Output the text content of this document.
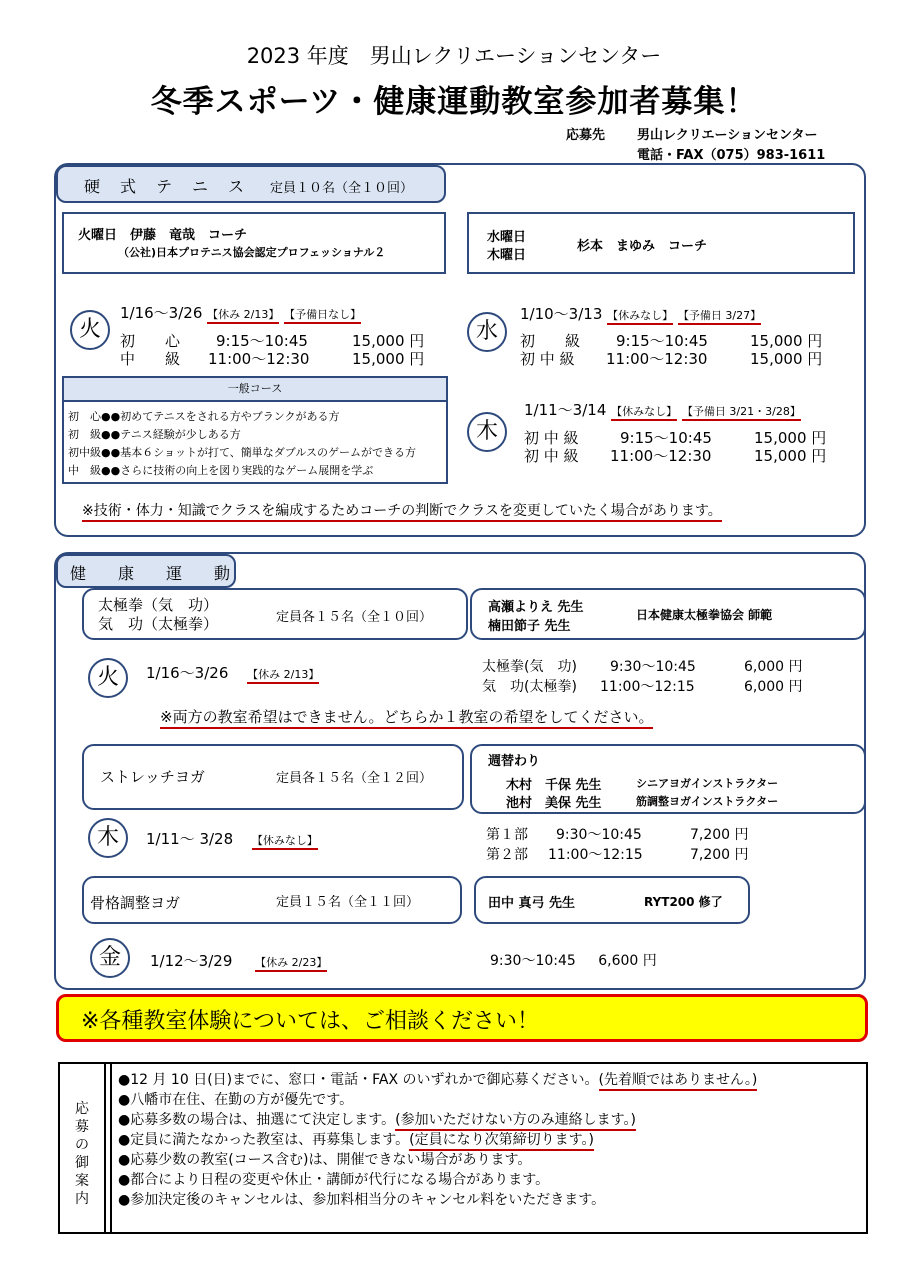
2023 年度　男山レクリエーションセンター
冬季スポーツ・健康運動教室参加者募集！
応募先 男山レクリエーションセンター
電話・FAX（075）983-1611
硬　式　テ　ニ　ス 定員１０名（全１０回）
火曜日　伊藤　竜哉　コーチ
（公社)日本プロテニス協会認定プロフェッショナル２
水曜日
木曜日
杉本　まゆみ　コーチ
火
1/16～3/26 【休み 2/13】 【予備日なし】
初　　心 9:15～10:45	15,000 円
中　　級 11:00～12:30	15,000 円
一般コース
初　心●●初めてテニスをされる方やブランクがある方
初　級●●テニス経験が少しある方
初中級●●基本６ショットが打て、簡単なダブルスのゲームができる方
中　級●●さらに技術の向上を図り実践的なゲーム展開を学ぶ
水
1/10～3/13 【休みなし】 【予備日 3/27】
初　　級 9:15～10:45	15,000 円
初 中 級 11:00～12:30	15,000 円
木
1/11～3/14 【休みなし】 【予備日 3/21・3/28】
初 中 級	9:15～10:45	15,000 円
初 中 級 11:00～12:30	15,000 円
※技術・体力・知識でクラスを編成するためコーチの判断でクラスを変更していたく場合があります。
健　　康　　運　　動
太極拳（気　功）
気　功（太極拳）	定員各１５名（全１０回）
高瀬よりえ 先生
楠田節子 先生
日本健康太極拳協会 師範
火	1/16～3/26 【休み 2/13】	太極拳(気　功) 9:30～10:45	6,000 円
気　功(太極拳) 11:00～12:15	6,000 円
※両方の教室希望はできません。どちらか１教室の希望をしてください。
ストレッチヨガ	定員各１５名（全１２回）
週替わり
木村　千保 先生	シニアヨガインストラクター
池村　美保 先生	筋調整ヨガインストラクター
木	1/11～ 3/28 【休みなし】	第１部 9:30～10:45	7,200 円
第２部 11:00～12:15	7,200 円
骨格調整ヨガ	定員１５名（全１１回）	田中 真弓 先生	RYT200 修了
金	1/12～3/29 【休み 2/23】	9:30～10:45 6,600 円
※各種教室体験については、ご相談ください！
応
募
の
御
案
内
●12 月 10 日(日)までに、窓口・電話・FAX のいずれかで御応募ください。(先着順ではありません。)
●八幡市在住、在勤の方が優先です。
●応募多数の場合は、抽選にて決定します。(参加いただけない方のみ連絡します。)
●定員に満たなかった教室は、再募集します。(定員になり次第締切ります。)
●応募少数の教室(コース含む)は、開催できない場合があります。
●都合により日程の変更や休止・講師が代行になる場合があります。
●参加決定後のキャンセルは、参加料相当分のキャンセル料をいただきます。
